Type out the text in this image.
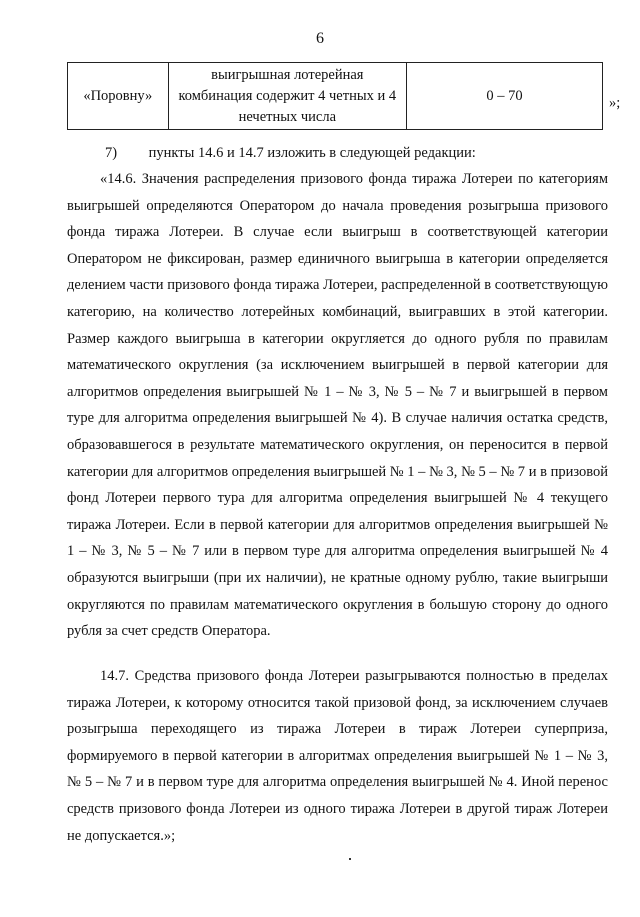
6
«Поровну»	выигрышная лотерейная комбинация содержит 4 четных и 4 нечетных числа	0 – 70	»;
7) пункты 14.6 и 14.7 изложить в следующей редакции:

«14.6. Значения распределения призового фонда тиража Лотереи по категориям выигрышей определяются Оператором до начала проведения розыгрыша призового фонда тиража Лотереи. В случае если выигрыш в соответствующей категории Оператором не фиксирован, размер единичного выигрыша в категории определяется делением части призового фонда тиража Лотереи, распределенной в соответствующую категорию, на количество лотерейных комбинаций, выигравших в этой категории. Размер каждого выигрыша в категории округляется до одного рубля по правилам математического округления (за исключением выигрышей в первой категории для алгоритмов определения выигрышей № 1 – № 3, № 5 – № 7 и выигрышей в первом туре для алгоритма определения выигрышей № 4). В случае наличия остатка средств, образовавшегося в результате математического округления, он переносится в первой категории для алгоритмов определения выигрышей № 1 – № 3, № 5 – № 7 и в призовой фонд Лотереи первого тура для алгоритма определения выигрышей № 4 текущего тиража Лотереи. Если в первой категории для алгоритмов определения выигрышей № 1 – № 3, № 5 – № 7 или в первом туре для алгоритма определения выигрышей № 4 образуются выигрыши (при их наличии), не кратные одному рублю, такие выигрыши округляются по правилам математического округления в большую сторону до одного рубля за счет средств Оператора.

14.7. Средства призового фонда Лотереи разыгрываются полностью в пределах тиража Лотереи, к которому относится такой призовой фонд, за исключением случаев розыгрыша переходящего из тиража Лотереи в тираж Лотереи суперприза, формируемого в первой категории в алгоритмах определения выигрышей № 1 – № 3, № 5 – № 7 и в первом туре для алгоритма определения выигрышей № 4. Иной перенос средств призового фонда Лотереи из одного тиража Лотереи в другой тираж Лотереи не допускается.»;
